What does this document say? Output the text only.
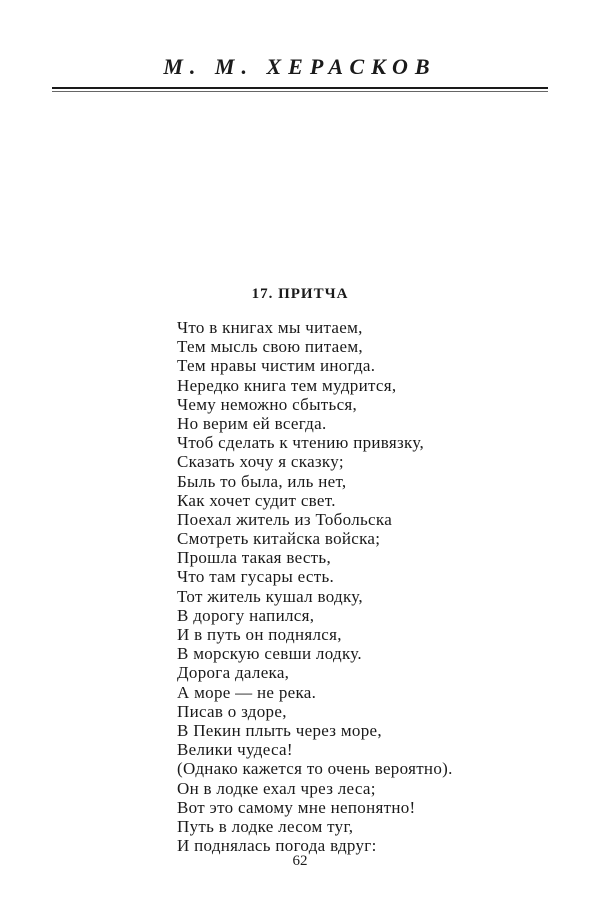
М. М. ХЕРАСКОВ
17. ПРИТЧА
Что в книгах мы читаем,
Тем мысль свою питаем,
Тем нравы чистим иногда.
Нередко книга тем мудрится,
Чему неможно сбыться,
Но верим ей всегда.
Чтоб сделать к чтению привязку,
Сказать хочу я сказку;
Быль то была, иль нет,
Как хочет судит свет.
Поехал житель из Тобольска
Смотреть китайска войска;
Прошла такая весть,
Что там гусары есть.
Тот житель кушал водку,
В дорогу напился,
И в путь он поднялся,
В морскую севши лодку.
Дорога далека,
А море — не река.
Писав о здоре,
В Пекин плыть через море,
Велики чудеса!
(Однако кажется то очень вероятно).
Он в лодке ехал чрез леса;
Вот это самому мне непонятно!
Путь в лодке лесом туг,
И поднялась погода вдруг:
62
